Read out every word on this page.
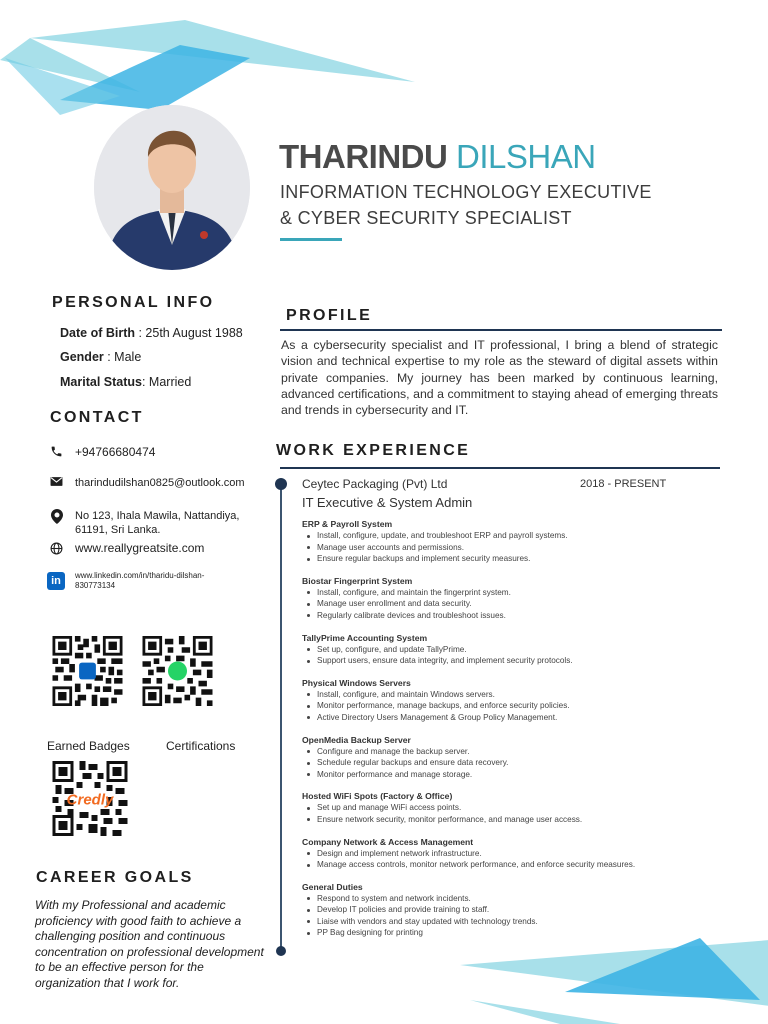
THARINDU DILSHAN
INFORMATION TECHNOLOGY EXECUTIVE
& CYBER SECURITY SPECIALIST
PERSONAL INFO
Date of Birth : 25th August 1988
Gender : Male
Marital Status: Married
CONTACT
+94766680474
tharindudilshan0825@outlook.com
No 123, Ihala Mawila, Nattandiya,
61191, Sri Lanka.
www.reallygreatsite.com
in	www.linkedin.com/in/tharidu-dilshan-
830773134
Earned Badges	Certifications
Credly
CAREER GOALS
With my Professional and academic proficiency with good faith to achieve a challenging position and continuous concentration on professional development to be an effective person for the organization that I work for.
PROFILE
As a cybersecurity specialist and IT professional, I bring a blend of strategic vision and technical expertise to my role as the steward of digital assets within private companies. My journey has been marked by continuous learning, advanced certifications, and a commitment to staying ahead of emerging threats and trends in cybersecurity and IT.
WORK EXPERIENCE
Ceytec Packaging (Pvt) Ltd	2018 - PRESENT
IT Executive & System Admin
ERP & Payroll System
Install, configure, update, and troubleshoot ERP and payroll systems.
Manage user accounts and permissions.
Ensure regular backups and implement security measures.
Biostar Fingerprint System
Install, configure, and maintain the fingerprint system.
Manage user enrollment and data security.
Regularly calibrate devices and troubleshoot issues.
TallyPrime Accounting System
Set up, configure, and update TallyPrime.
Support users, ensure data integrity, and implement security protocols.
Physical Windows Servers
Install, configure, and maintain Windows servers.
Monitor performance, manage backups, and enforce security policies.
Active Directory Users Management & Group Policy Management.
OpenMedia Backup Server
Configure and manage the backup server.
Schedule regular backups and ensure data recovery.
Monitor performance and manage storage.
Hosted WiFi Spots (Factory & Office)
Set up and manage WiFi access points.
Ensure network security, monitor performance, and manage user access.
Company Network & Access Management
Design and implement network infrastructure.
Manage access controls, monitor network performance, and enforce security measures.
General Duties
Respond to system and network incidents.
Develop IT policies and provide training to staff.
Liaise with vendors and stay updated with technology trends.
PP Bag designing for printing
